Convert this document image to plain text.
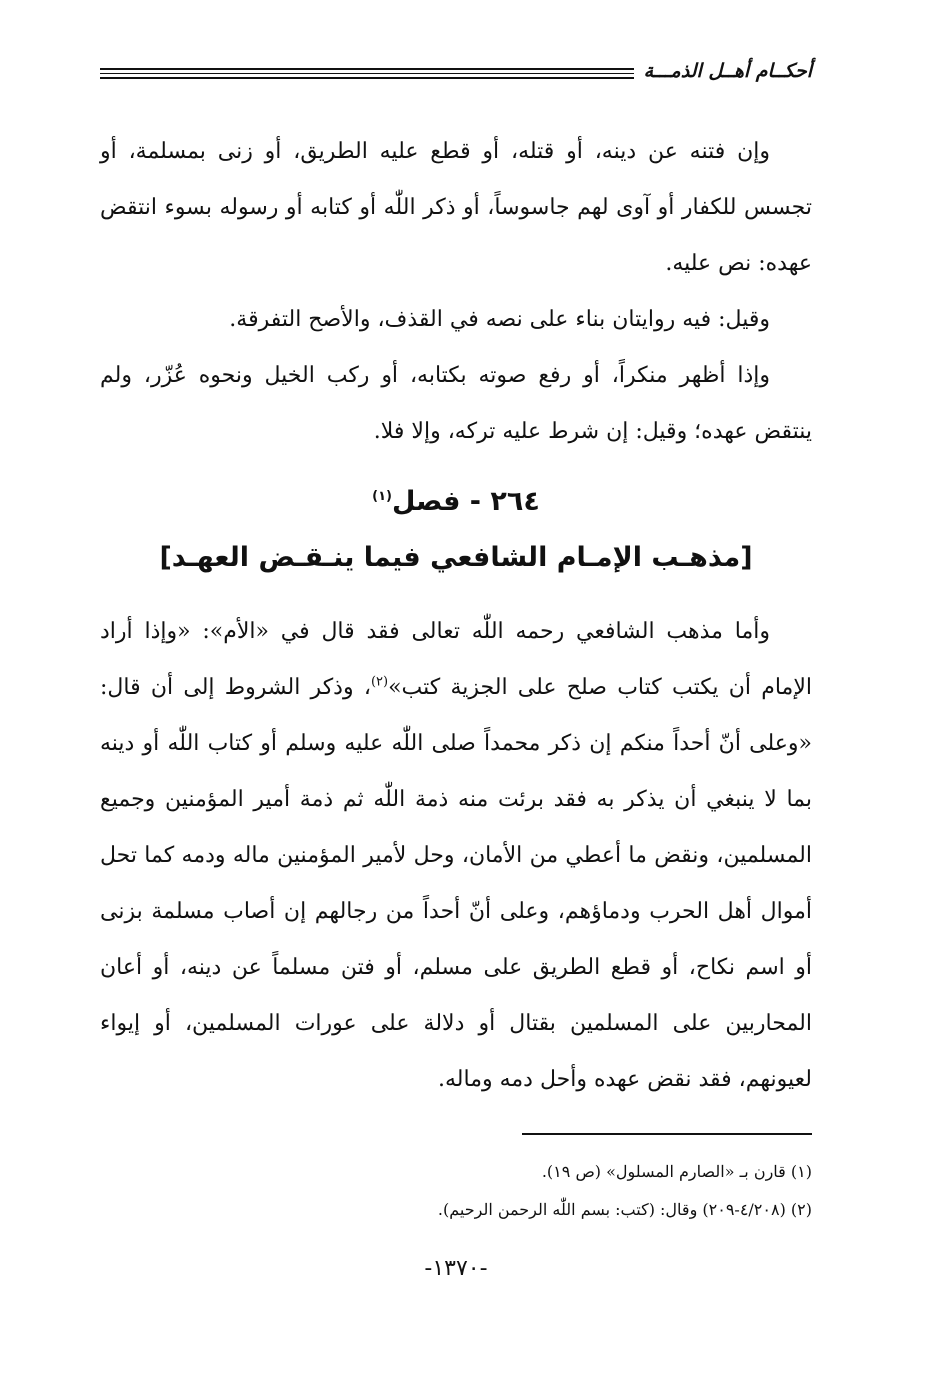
أحكــام أهــل الذمـــة

وإن فتنه عن دينه، أو قتله، أو قطع عليه الطريق، أو زنى بمسلمة، أو تجسس للكفار أو آوى لهم جاسوساً، أو ذكر اللّٰه أو كتابه أو رسوله بسوء انتقض عهده: نص عليه.

وقيل: فيه روايتان بناء على نصه في القذف، والأصح التفرقة.

وإذا أظهر منكراً، أو رفع صوته بكتابه، أو ركب الخيل ونحوه عُزّر، ولم ينتقض عهده؛ وقيل: إن شرط عليه تركه، وإلا فلا.

٢٦٤ - فصل$^{(١)}$
[مذهـب الإمـام الشافعي فيما ينـقـض العهـد]

وأما مذهب الشافعي رحمه اللّٰه تعالى فقد قال في «الأم»: «وإذا أراد الإمام أن يكتب كتاب صلح على الجزية كتب»$^{(٢)}$، وذكر الشروط إلى أن قال: «وعلى أنّ أحداً منكم إن ذكر محمداً صلى اللّٰه عليه وسلم أو كتاب اللّٰه أو دينه بما لا ينبغي أن يذكر به فقد برئت منه ذمة اللّٰه ثم ذمة أمير المؤمنين وجميع المسلمين، ونقض ما أعطي من الأمان، وحل لأمير المؤمنين ماله ودمه كما تحل أموال أهل الحرب ودماؤهم، وعلى أنّ أحداً من رجالهم إن أصاب مسلمة بزنى أو اسم نكاح، أو قطع الطريق على مسلم، أو فتن مسلماً عن دينه، أو أعان المحاربين على المسلمين بقتال أو دلالة على عورات المسلمين، أو إيواء لعيونهم، فقد نقض عهده وأحل دمه وماله.

(١) قارن بـ «الصارم المسلول» (ص ١٩).

(٢) (٤/٢٠٨-٢٠٩) وقال: (كتب: بسم اللّٰه الرحمن الرحيم).

-١٣٧٠-
